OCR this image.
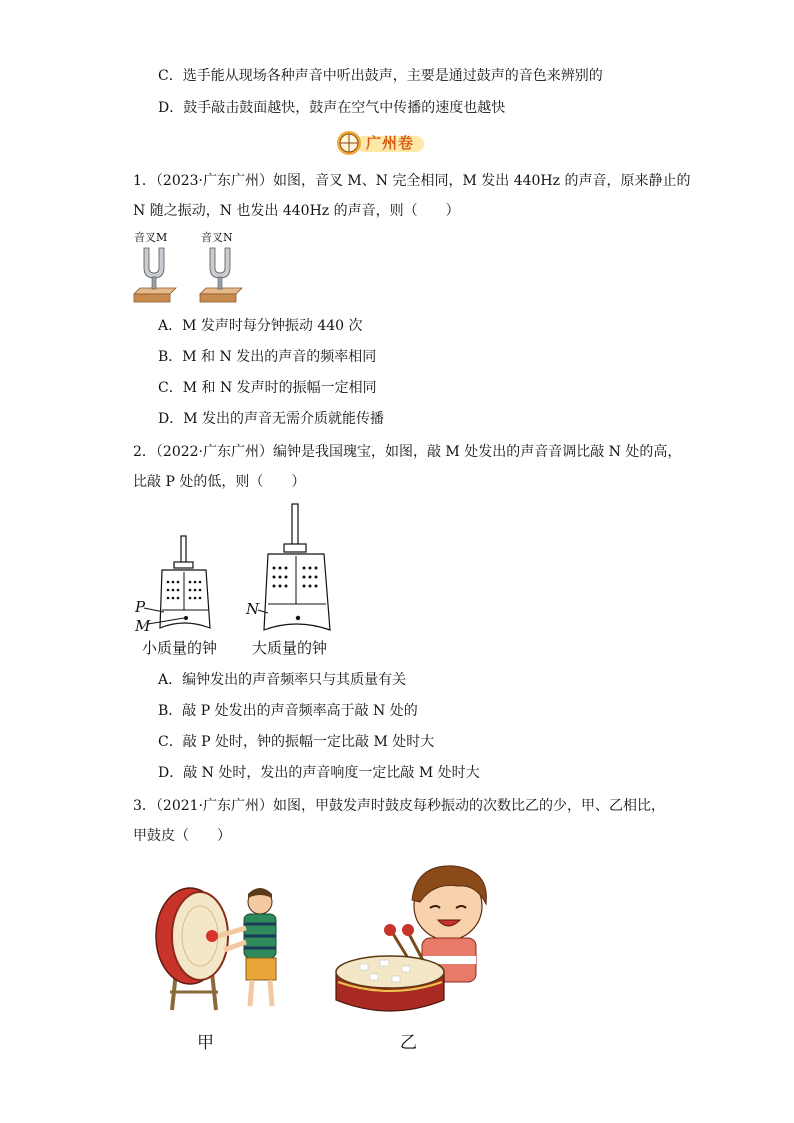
C．选手能从现场各种声音中听出鼓声，主要是通过鼓声的音色来辨别的
D．鼓手敲击鼓面越快，鼓声在空气中传播的速度也越快
广州卷
1．（2023·广东广州）如图，音叉 M、N 完全相同，M 发出 440Hz 的声音，原来静止的
N 随之振动，N 也发出 440Hz 的声音，则（　　）
音叉M	音叉N
A．M 发声时每分钟振动 440 次
B．M 和 N 发出的声音的频率相同
C．M 和 N 发声时的振幅一定相同
D．M 发出的声音无需介质就能传播
2．（2022·广东广州）编钟是我国瑰宝，如图，敲 M 处发出的声音音调比敲 N 处的高，
比敲 P 处的低，则（　　）
P
M
N
小质量的钟 大质量的钟
A．编钟发出的声音频率只与其质量有关
B．敲 P 处发出的声音频率高于敲 N 处的
C．敲 P 处时，钟的振幅一定比敲 M 处时大
D．敲 N 处时，发出的声音响度一定比敲 M 处时大
3．（2021·广东广州）如图，甲鼓发声时鼓皮每秒振动的次数比乙的少，甲、乙相比，
甲鼓皮（　　）
甲	乙
